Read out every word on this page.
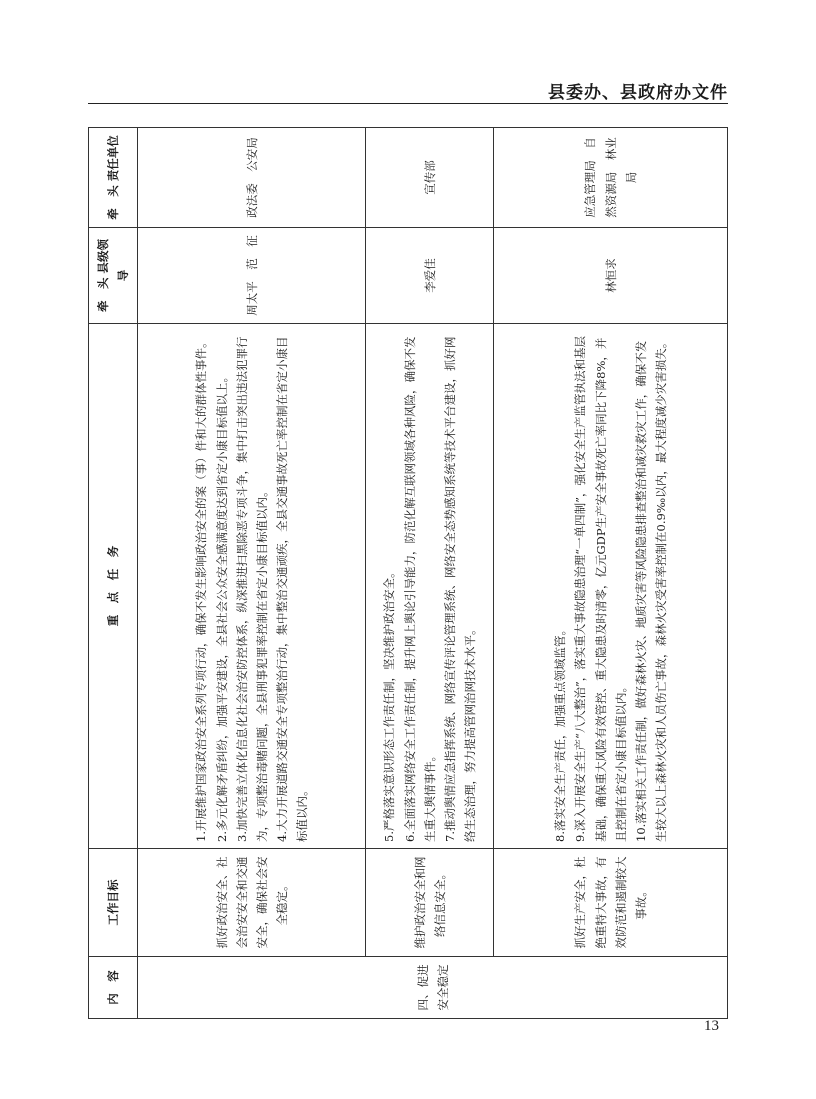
县委办、县政府办文件
内　容	工作目标	重　点　任　务	牵　头 县级领导	牵　头 责任单位
四、促进安全稳定	抓好政治安全、社会治安安全和交通安全，确保社会安全稳定。	1.开展维护国家政治安全系列专项行动，确保不发生影响政治安全的案（事）件和大的群体性事件。 2.多元化解矛盾纠纷，加强平安建设，全县社会公众安全感满意度达到省定小康目标值以上。 3.加快完善立体化信息化社会治安防控体系，纵深推进扫黑除恶专项斗争，集中打击突出违法犯罪行为，专项整治毒赌问题，全县刑事犯罪率控制在省定小康目标值以内。 4.大力开展道路交通安全专项整治行动，集中整治交通顽疾，全县交通事故死亡率控制在省定小康目标值以内。	周太平　范　征	政法委　公安局
	维护政治安全和网络信息安全。	5.严格落实意识形态工作责任制，坚决维护政治安全。 6.全面落实网络安全工作责任制，提升网上舆论引导能力，防范化解互联网领域各种风险，确保不发生重大舆情事件。 7.推动舆情应急指挥系统、网络宣传评论管理系统、网络安全态势感知系统等技术平台建设，抓好网络生态治理，努力提高管网治网技术水平。	李爱佳	宣传部
	抓好生产安全，杜绝重特大事故，有效防范和遏制较大事故。	8.落实安全生产责任，加强重点领域监管。 9.深入开展安全生产“八大整治”，落实重大事故隐患治理“一单四制”，强化安全生产监管执法和基层基础，确保重大风险有效管控、重大隐患及时清零，亿元GDP生产安全事故死亡率同比下降8%，并且控制在省定小康目标值以内。 10.落实相关工作责任制，做好森林火灾、地质灾害等风险隐患排查整治和减灾救灾工作，确保不发生较大以上森林火灾和人员伤亡事故，森林火灾受害率控制在0.9‰以内，最大程度减少灾害损失。	林恒求	应急管理局　自然资源局　林业局
13
